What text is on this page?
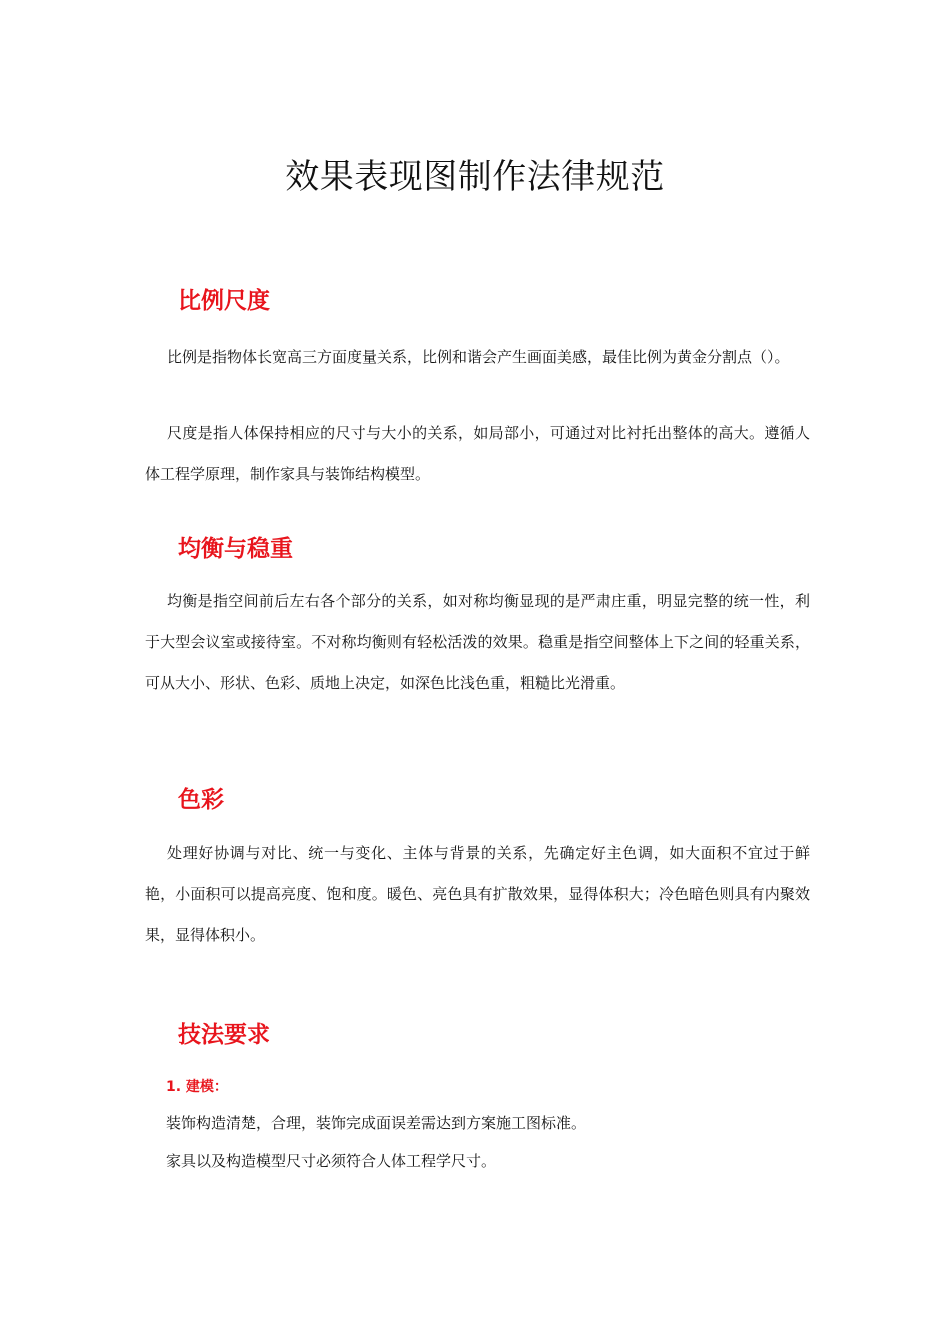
效果表现图制作法律规范
比例尺度

比例是指物体长宽高三方面度量关系，比例和谐会产生画面美感，最佳比例为黄金分割点（）。

尺度是指人体保持相应的尺寸与大小的关系，如局部小，可通过对比衬托出整体的高大。遵循人体工程学原理，制作家具与装饰结构模型。

均衡与稳重

均衡是指空间前后左右各个部分的关系，如对称均衡显现的是严肃庄重，明显完整的统一性，利于大型会议室或接待室。不对称均衡则有轻松活泼的效果。稳重是指空间整体上下之间的轻重关系，可从大小、形状、色彩、质地上决定，如深色比浅色重，粗糙比光滑重。

色彩

处理好协调与对比、统一与变化、主体与背景的关系，先确定好主色调，如大面积不宜过于鲜艳，小面积可以提高亮度、饱和度。暖色、亮色具有扩散效果，显得体积大；冷色暗色则具有内聚效果，显得体积小。

技法要求
1. 建模：

装饰构造清楚，合理，装饰完成面误差需达到方案施工图标准。

家具以及构造模型尺寸必须符合人体工程学尺寸。
